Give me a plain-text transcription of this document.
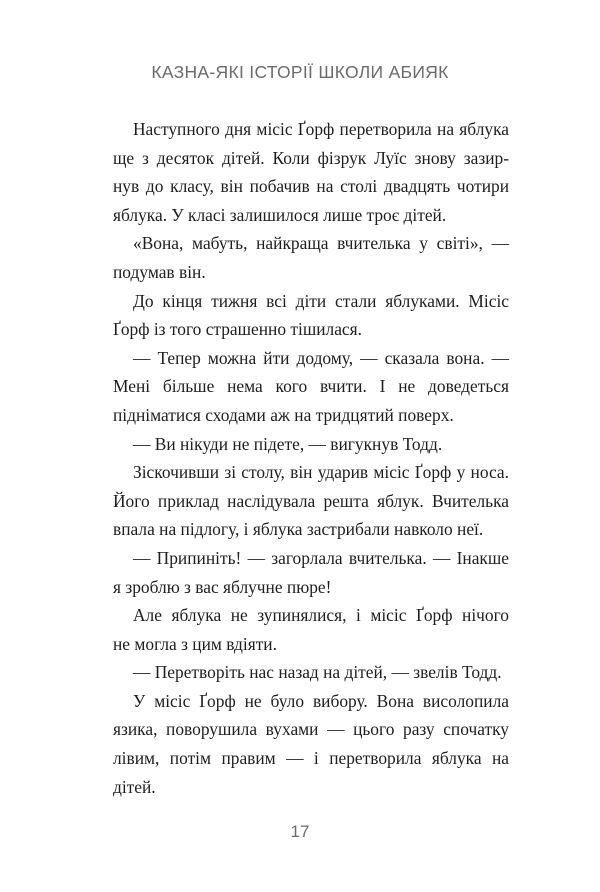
КАЗНА-ЯКІ ІСТОРІЇ ШКОЛИ АБИЯК
Наступного дня місіс Ґорф перетворила на яблука
ще з десяток дітей. Коли фізрук Луїс знову зазир-
нув до класу, він побачив на столі двадцять чотири
яблука. У класі залишилося лише троє дітей.
«Вона, мабуть, найкраща вчителька у світі», —
подумав він.
До кінця тижня всі діти стали яблуками. Місіс
Ґорф із того страшенно тішилася.
— Тепер можна йти додому, — сказала вона. —
Мені більше нема кого вчити. І не доведеться
підніматися сходами аж на тридцятий поверх.
— Ви нікуди не підете, — вигукнув Тодд.
Зіскочивши зі столу, він ударив місіс Ґорф у носа.
Його приклад наслідувала решта яблук. Вчителька
впала на підлогу, і яблука застрибали навколо неї.
— Припиніть! — загорлала вчителька. — Інакше
я зроблю з вас яблучне пюре!
Але яблука не зупинялися, і місіс Ґорф нічого
не могла з цим вдіяти.
— Перетворіть нас назад на дітей, — звелів Тодд.
У місіс Ґорф не було вибору. Вона висолопила
язика, поворушила вухами — цього разу спочатку
лівим, потім правим — і перетворила яблука на
дітей.
17
